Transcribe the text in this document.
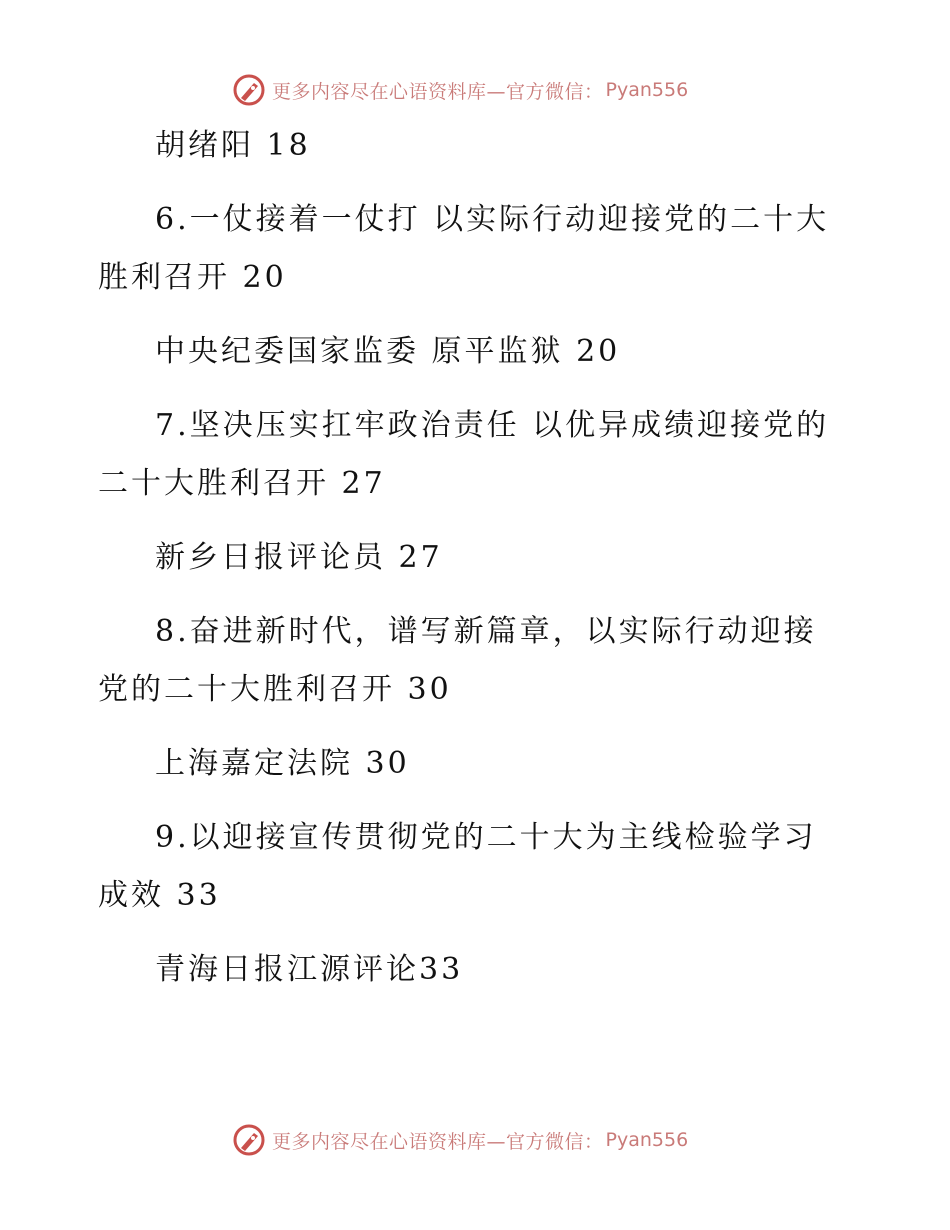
更多内容尽在心语资料库—官方微信： Pyan556
胡绪阳 18
6.一仗接着一仗打 以实际行动迎接党的二十大
胜利召开 20
中央纪委国家监委 原平监狱 20
7.坚决压实扛牢政治责任 以优异成绩迎接党的
二十大胜利召开 27
新乡日报评论员 27
8.奋进新时代，谱写新篇章，以实际行动迎接
党的二十大胜利召开 30
上海嘉定法院 30
9.以迎接宣传贯彻党的二十大为主线检验学习
成效 33
青海日报江源评论33
更多内容尽在心语资料库—官方微信： Pyan556
